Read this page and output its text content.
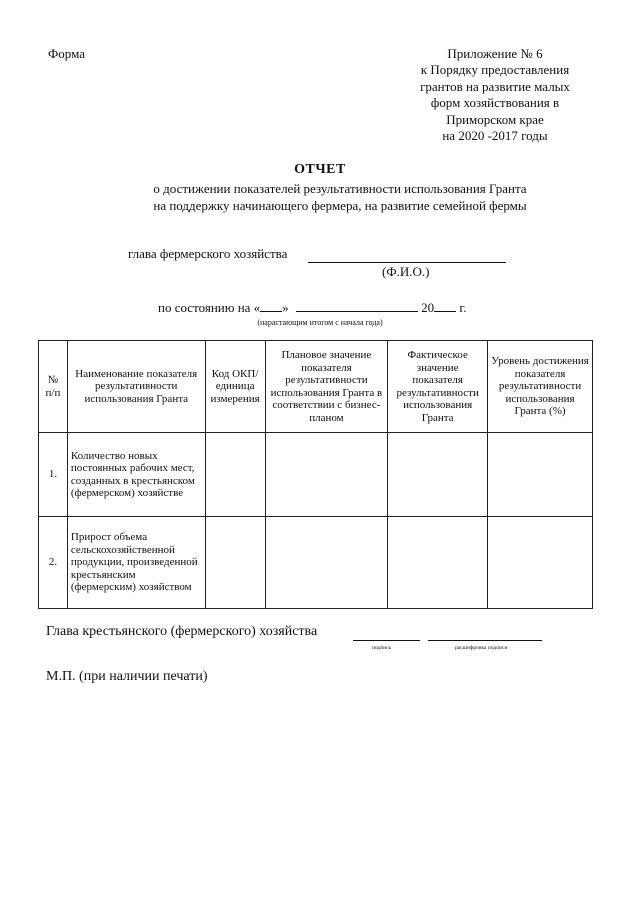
Форма	Приложение № 6
к Порядку предоставления
грантов на развитие малых
форм хозяйствования в
Приморском крае
на 2020 -2017 годы
ОТЧЕТ
о достижении показателей результативности использования Гранта
на поддержку начинающего фермера, на развитие семейной фермы
глава фермерского хозяйства
(Ф.И.О.)
по состоянию на « »	20 г.
(нарастающим итогом с начала года)
№ п/п	Наименование показателя результативности использования Гранта	Код ОКП/ единица измерения	Плановое значение показателя результативности использования Гранта в соответствии с бизнес-планом	Фактическое значение показателя результативности использования Гранта	Уровень достижения показателя результативности использования Гранта (%)
1.	Количество новых постоянных рабочих мест, созданных в крестьянском (фермерском) хозяйстве				
2.	Прирост объема сельскохозяйственной продукции, произведенной крестьянским (фермерским) хозяйством				
Глава крестьянского (фермерского) хозяйства
подпись	расшифровка подписи
М.П. (при наличии печати)
